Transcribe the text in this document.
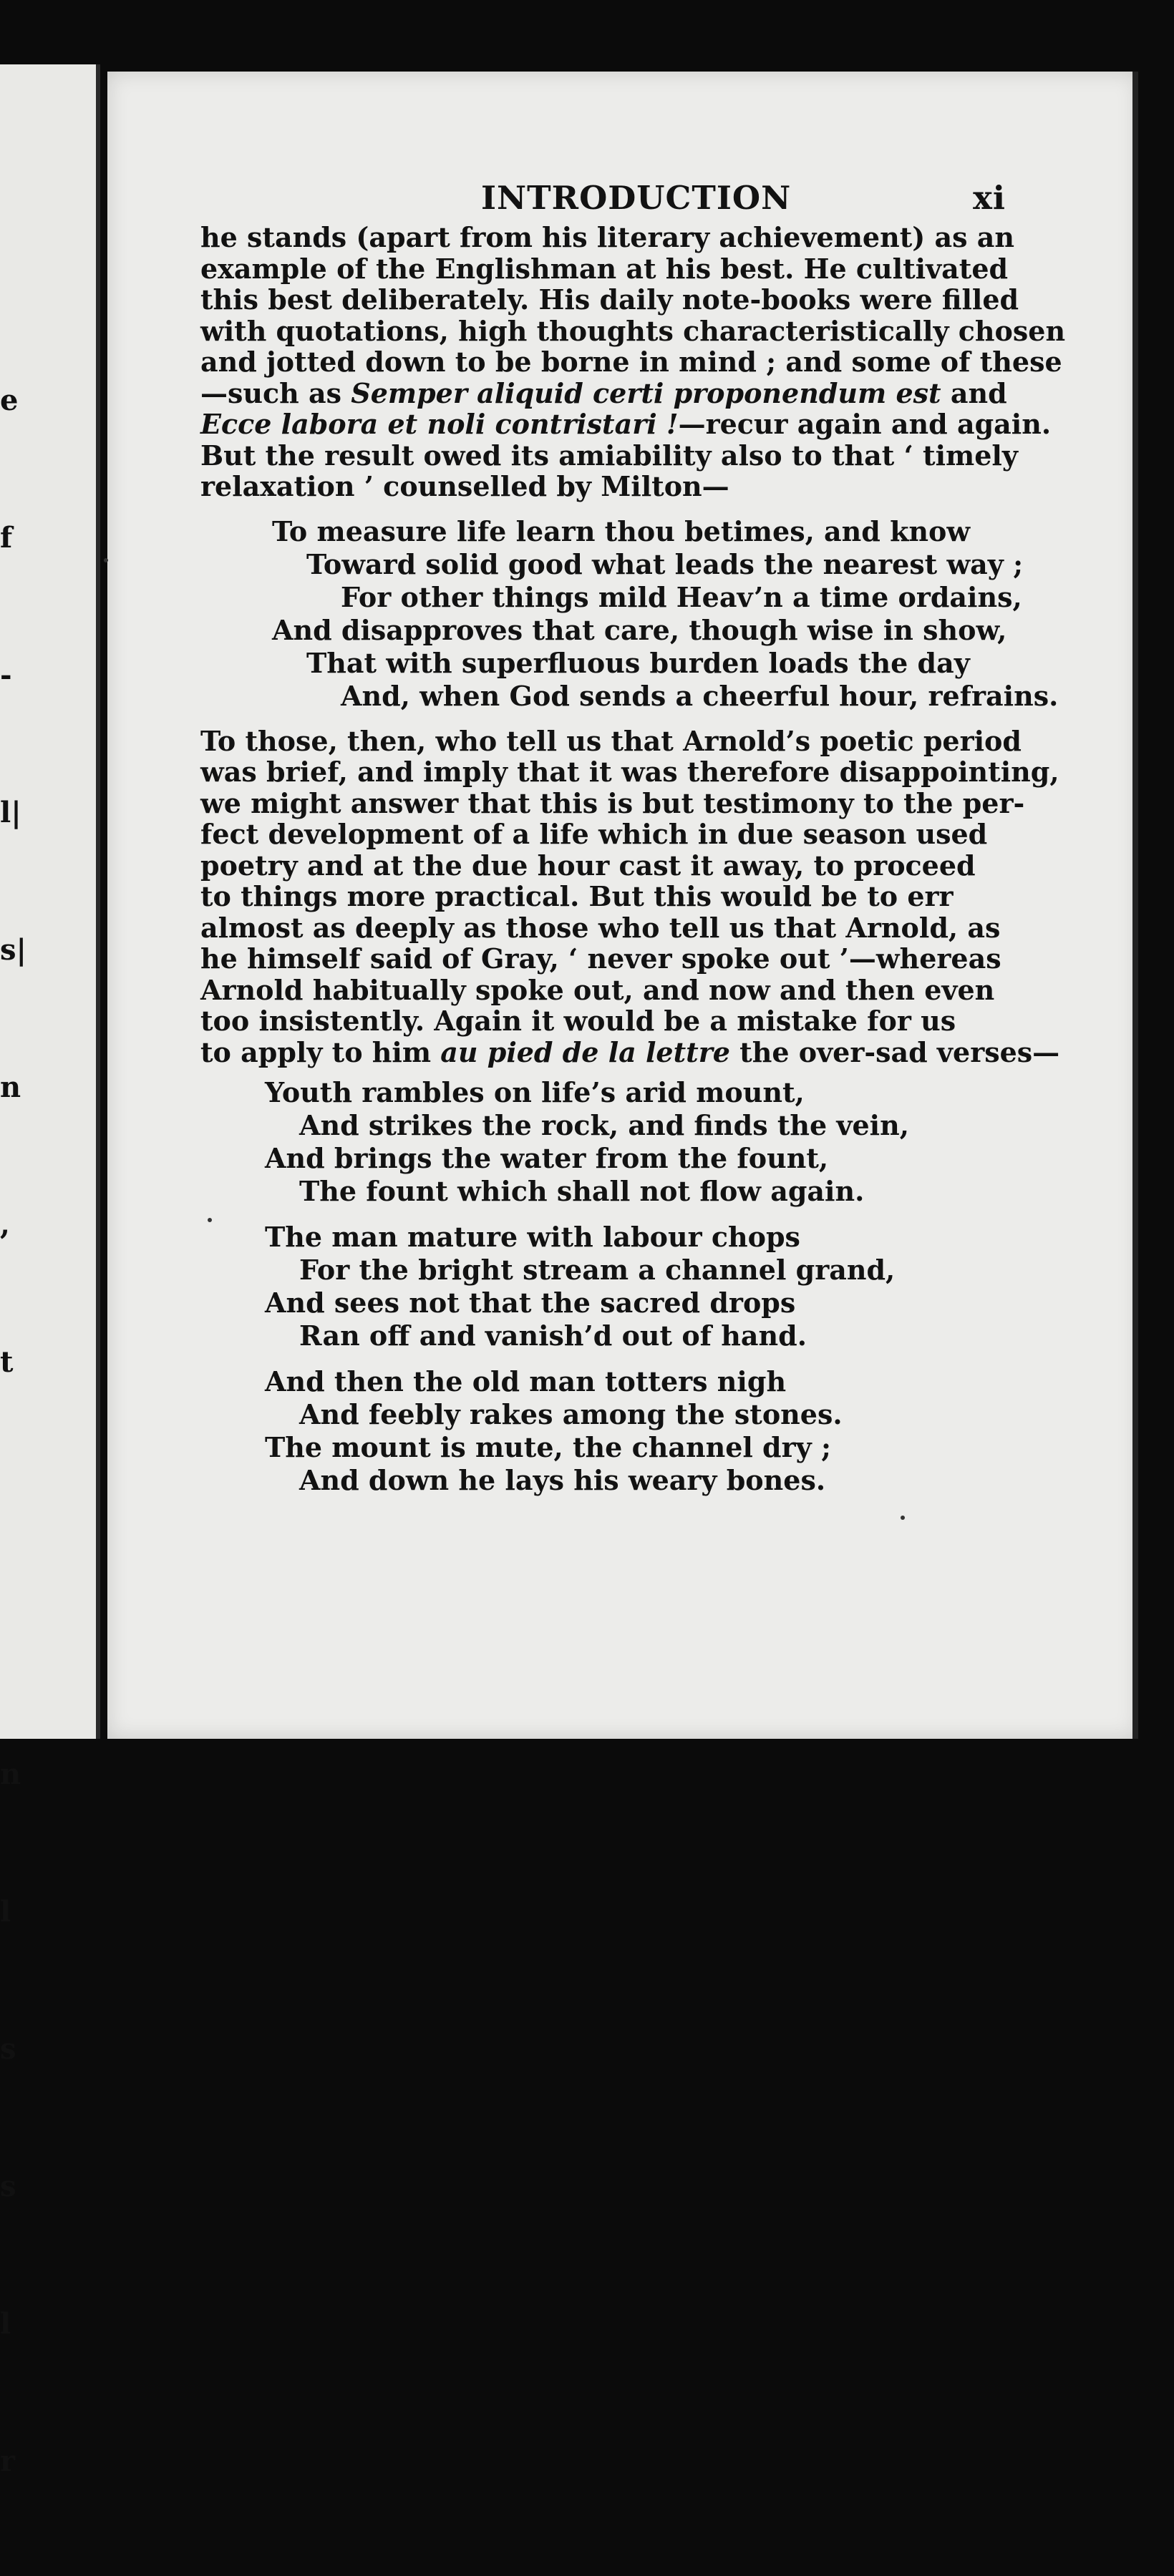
e

f

-

l|

s|

n

,

t

n

l

s

s

l

r

INTRODUCTION	xi

he stands (apart from his literary achievement) as an
example of the Englishman at his best. He cultivated
this best deliberately. His daily note-books were filled
with quotations, high thoughts characteristically chosen
and jotted down to be borne in mind ; and some of these
—such as Semper aliquid certi proponendum est and
Ecce labora et noli contristari !—recur again and again.
But the result owed its amiability also to that ‘ timely
relaxation ’ counselled by Milton—

To measure life learn thou betimes, and know
Toward solid good what leads the nearest way ;
For other things mild Heav’n a time ordains,
And disapproves that care, though wise in show,
That with superfluous burden loads the day
And, when God sends a cheerful hour, refrains.

To those, then, who tell us that Arnold’s poetic period
was brief, and imply that it was therefore disappointing,
we might answer that this is but testimony to the per-
fect development of a life which in due season used
poetry and at the due hour cast it away, to proceed
to things more practical. But this would be to err
almost as deeply as those who tell us that Arnold, as
he himself said of Gray, ‘ never spoke out ’—whereas
Arnold habitually spoke out, and now and then even
too insistently. Again it would be a mistake for us
to apply to him au pied de la lettre the over-sad verses—

Youth rambles on life’s arid mount,
And strikes the rock, and finds the vein,
And brings the water from the fount,
The fount which shall not flow again.
The man mature with labour chops
For the bright stream a channel grand,
And sees not that the sacred drops
Ran off and vanish’d out of hand.
And then the old man totters nigh
And feebly rakes among the stones.
The mount is mute, the channel dry ;
And down he lays his weary bones.
